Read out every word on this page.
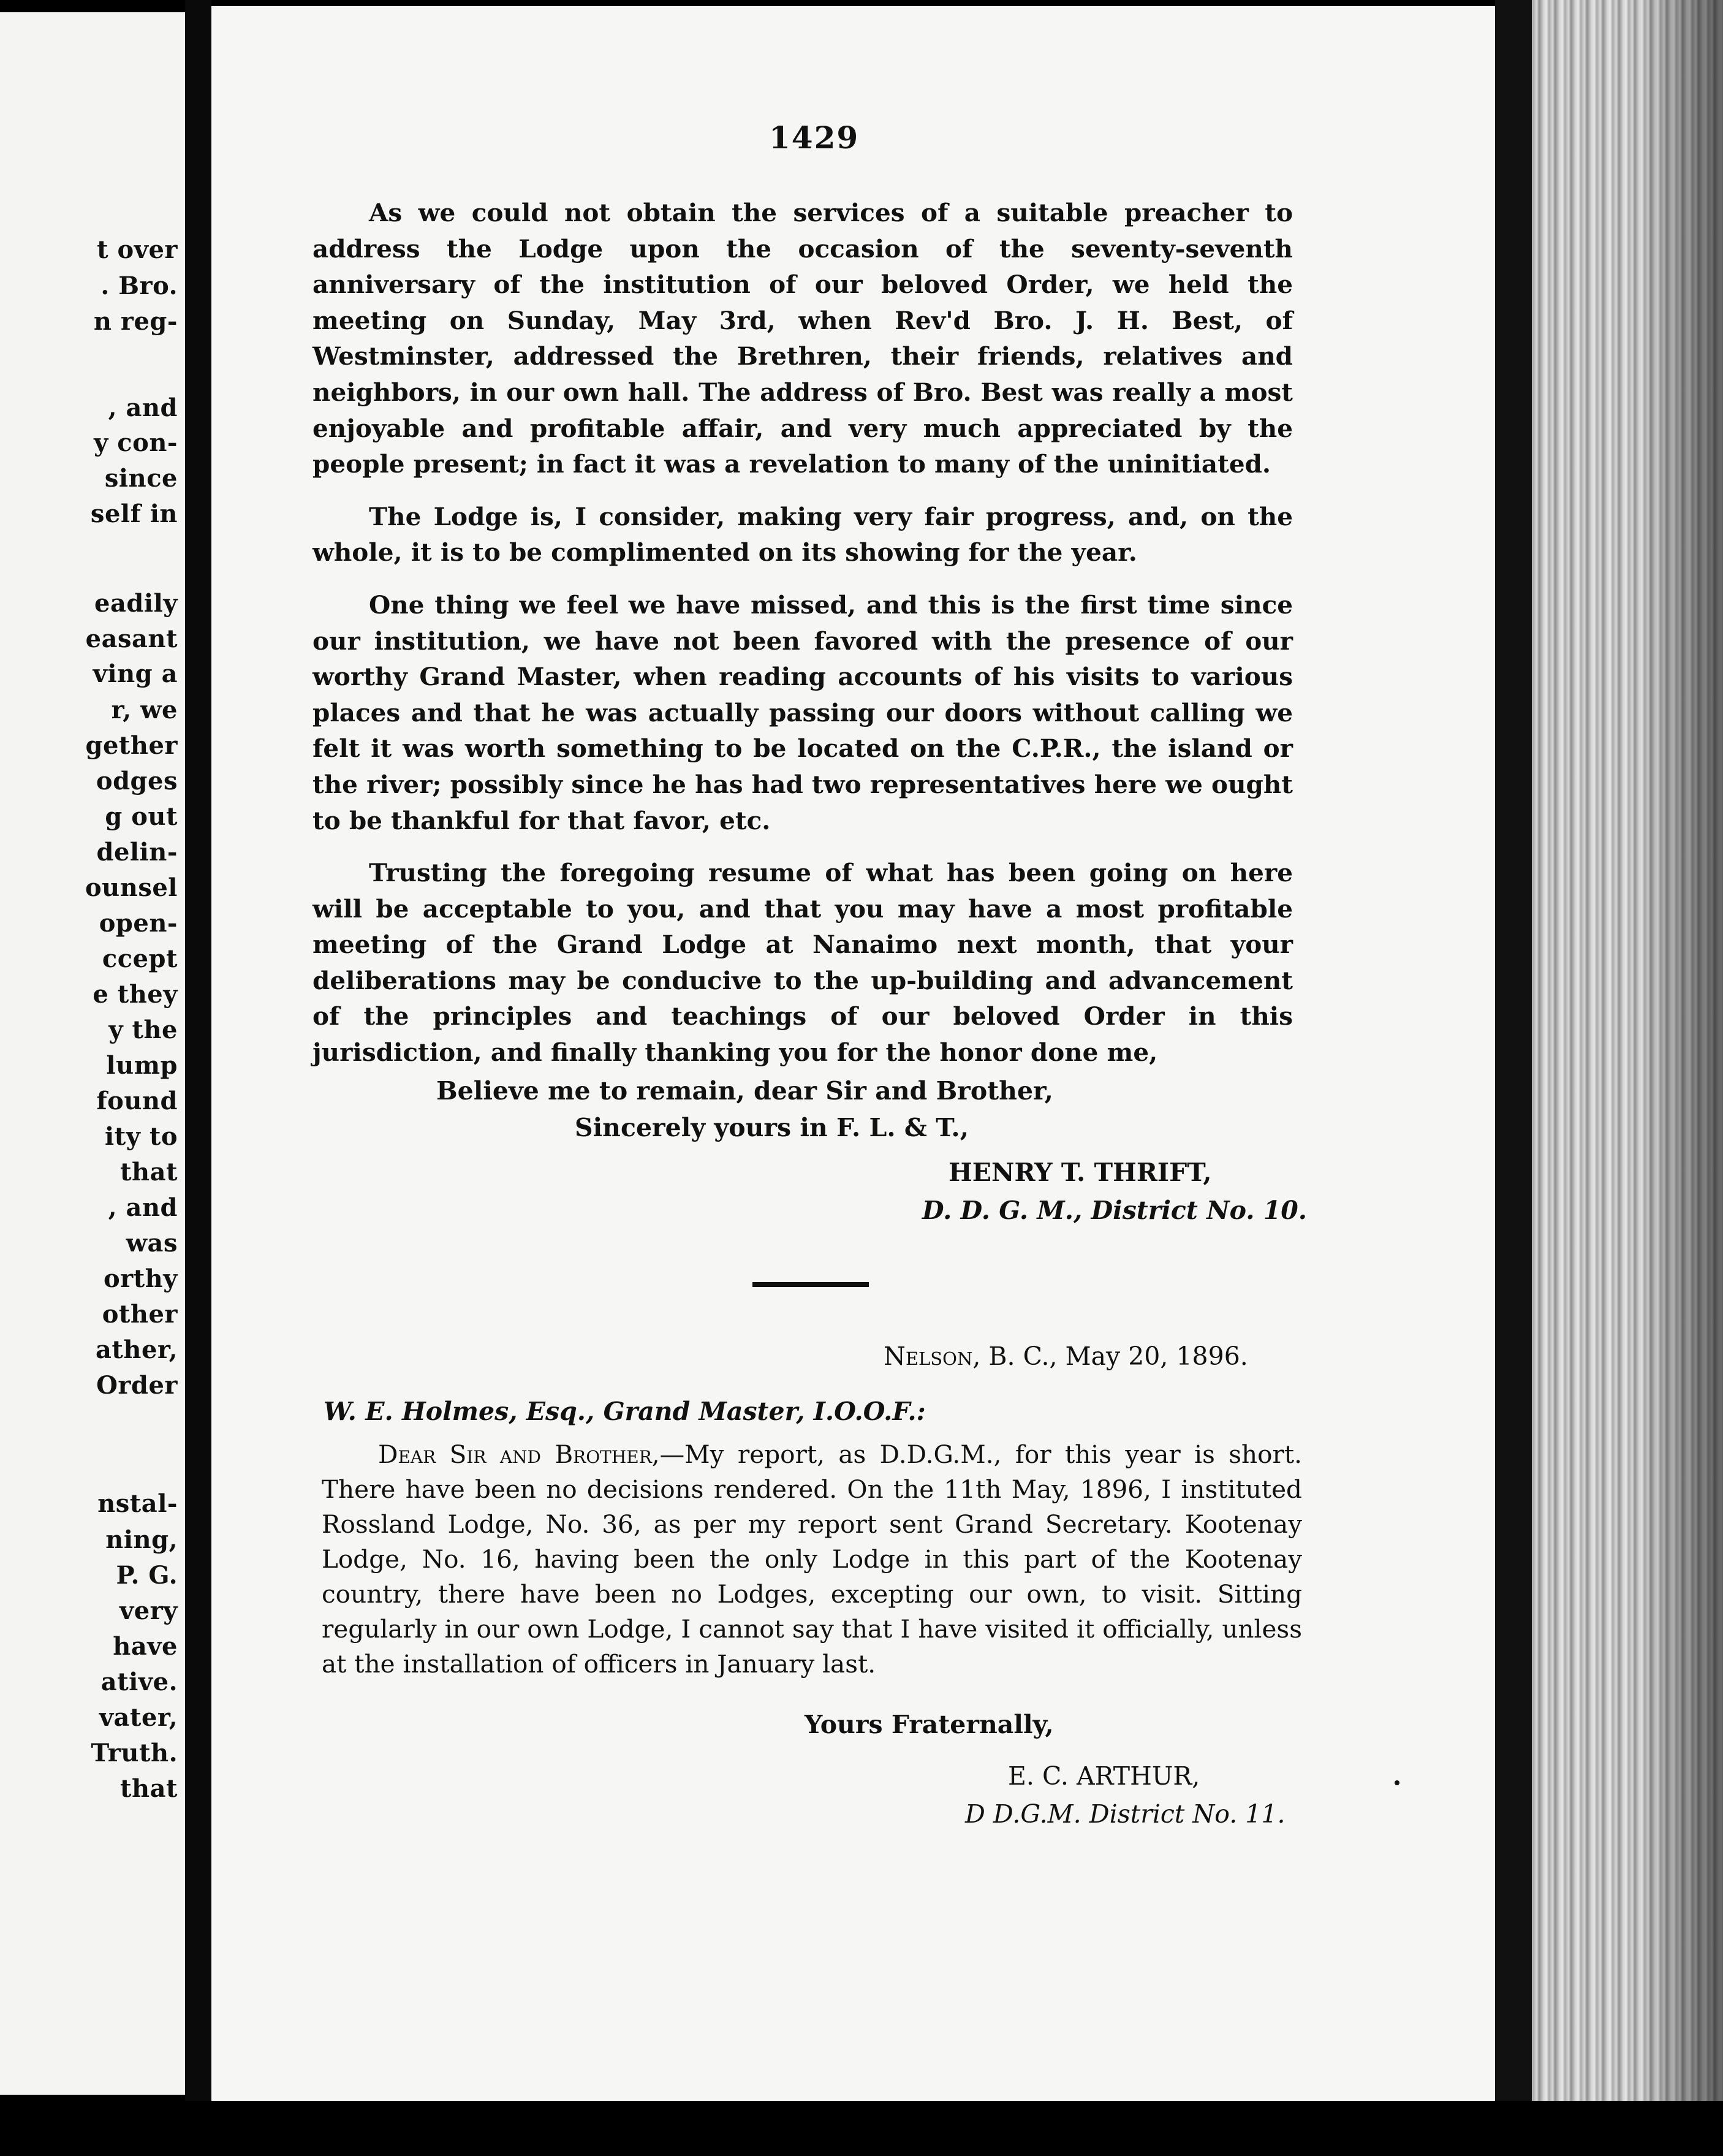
t over
. Bro.
n reg-
, and
y con-
since
self in
eadily
easant
ving a
r, we
gether
odges
g out
delin-
ounsel
open-
ccept
e they
y the
lump
found
ity to
that
, and
was
orthy
other
ather,
Order
nstal-
ning,
P. G.
very
have
ative.
vater,
Truth.
that
1429

As we could not obtain the services of a suitable preacher to address the Lodge upon the occasion of the seventy-seventh anniversary of the institution of our beloved Order, we held the meeting on Sunday, May 3rd, when Rev'd Bro. J. H. Best, of Westminster, addressed the Brethren, their friends, relatives and neighbors, in our own hall. The address of Bro. Best was really a most enjoyable and profitable affair, and very much appreciated by the people present; in fact it was a revelation to many of the uninitiated.

The Lodge is, I consider, making very fair progress, and, on the whole, it is to be complimented on its showing for the year.

One thing we feel we have missed, and this is the first time since our institution, we have not been favored with the presence of our worthy Grand Master, when reading accounts of his visits to various places and that he was actually passing our doors without calling we felt it was worth something to be located on the C.P.R., the island or the river; possibly since he has had two representatives here we ought to be thankful for that favor, etc.

Trusting the foregoing resume of what has been going on here will be acceptable to you, and that you may have a most profitable meeting of the Grand Lodge at Nanaimo next month, that your deliberations may be conducive to the up-building and advancement of the principles and teachings of our beloved Order in this jurisdiction, and finally thanking you for the honor done me,

Believe me to remain, dear Sir and Brother,
Sincerely yours in F. L. & T.,
HENRY T. THRIFT,
D. D. G. M., District No. 10.
Nelson, B. C., May 20, 1896.
W. E. Holmes, Esq., Grand Master, I.O.O.F.:

Dear Sir and Brother,—My report, as D.D.G.M., for this year is short. There have been no decisions rendered. On the 11th May, 1896, I instituted Rossland Lodge, No. 36, as per my report sent Grand Secretary. Kootenay Lodge, No. 16, having been the only Lodge in this part of the Kootenay country, there have been no Lodges, excepting our own, to visit. Sitting regularly in our own Lodge, I cannot say that I have visited it officially, unless at the installation of officers in January last.

Yours Fraternally,
E. C. ARTHUR,
D D.G.M. District No. 11.
